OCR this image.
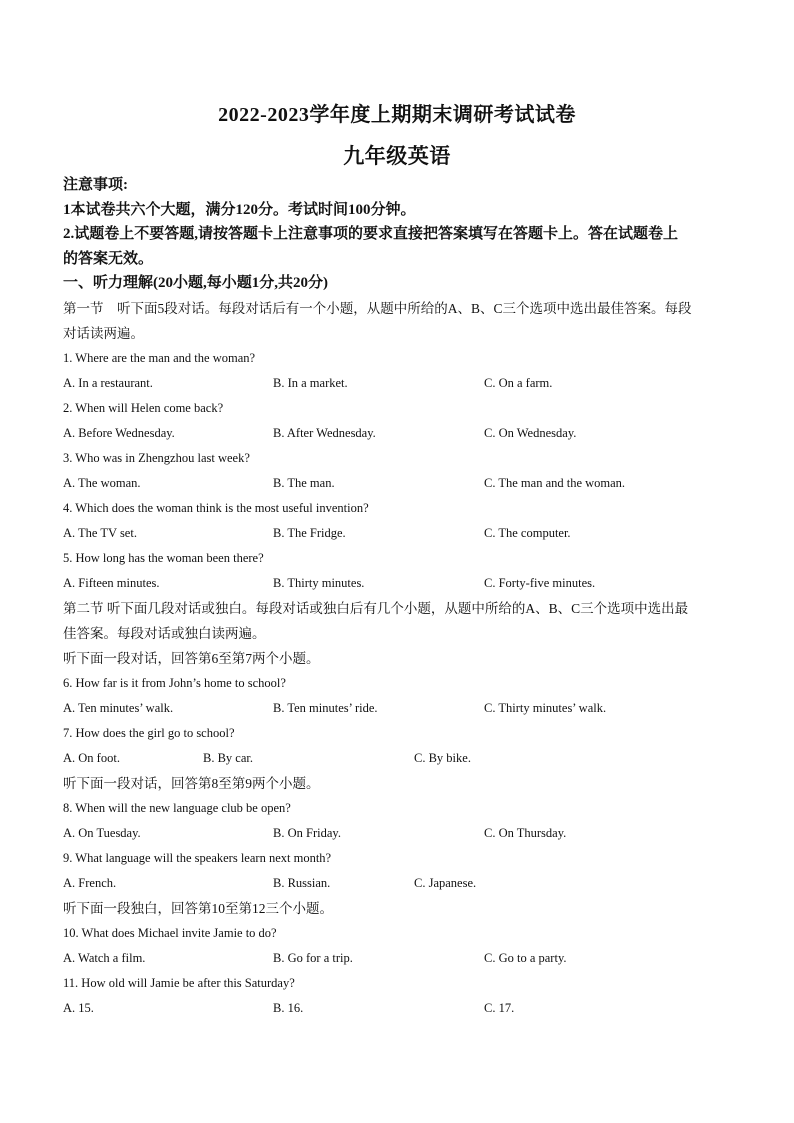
2022-2023学年度上期期末调研考试试卷
九年级英语

注意事项:

1本试卷共六个大题，满分120分。考试时间100分钟。

2.试题卷上不要答题,请按答题卡上注意事项的要求直接把答案填写在答题卡上。答在试题卷上

的答案无效。

一、听力理解(20小题,每小题1分,共20分)

第一节　听下面5段对话。每段对话后有一个小题，从题中所给的A、B、C三个选项中选出最佳答案。每段

对话读两遍。

1. Where are the man and the woman?

A. In a restaurant.	B. In a market.	C. On a farm.

2. When will Helen come back?

A. Before Wednesday.	B. After Wednesday.	C. On Wednesday.

3. Who was in Zhengzhou last week?

A. The woman.	B. The man.	C. The man and the woman.

4. Which does the woman think is the most useful invention?

A. The TV set.	B. The Fridge.	C. The computer.

5. How long has the woman been there?

A. Fifteen minutes.	B. Thirty minutes.	C. Forty-five minutes.

第二节 听下面几段对话或独白。每段对话或独白后有几个小题，从题中所给的A、B、C三个选项中选出最

佳答案。每段对话或独白读两遍。

听下面一段对话，回答第6至第7两个小题。

6. How far is it from John’s home to school?

A. Ten minutes’ walk.	B. Ten minutes’ ride.	C. Thirty minutes’ walk.

7. How does the girl go to school?

A. On foot.	B. By car.	C. By bike.

听下面一段对话，回答第8至第9两个小题。

8. When will the new language club be open?

A. On Tuesday.	B. On Friday.	C. On Thursday.

9. What language will the speakers learn next month?

A. French.	B. Russian.	C. Japanese.

听下面一段独白，回答第10至第12三个小题。

10. What does Michael invite Jamie to do?

A. Watch a film.	B. Go for a trip.	C. Go to a party.

11. How old will Jamie be after this Saturday?

A. 15.	B. 16.	C. 17.
